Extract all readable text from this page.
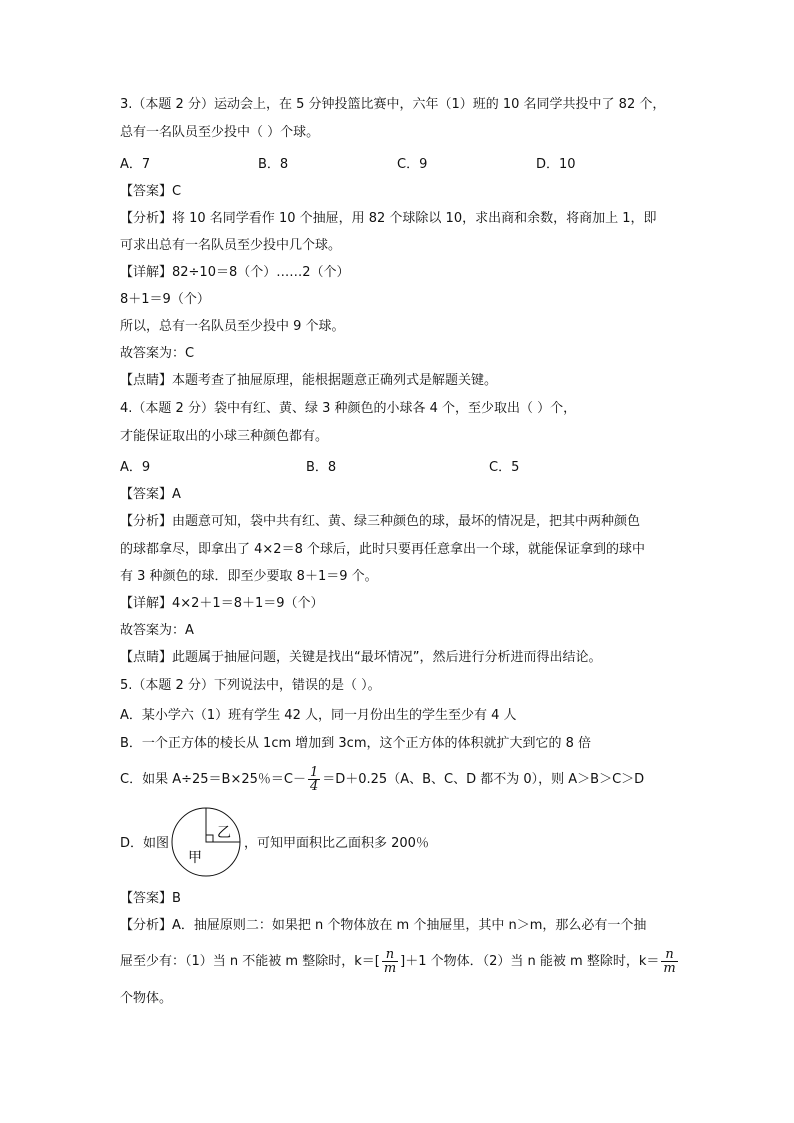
3.（本题 2 分）运动会上，在 5 分钟投篮比赛中，六年（1）班的 10 名同学共投中了 82 个，
总有一名队员至少投中（ ）个球。
A．7	B．8	C．9	D．10
【答案】C
【分析】将 10 名同学看作 10 个抽屉，用 82 个球除以 10，求出商和余数，将商加上 1，即
可求出总有一名队员至少投中几个球。
【详解】82÷10＝8（个）……2（个）
8＋1＝9（个）
所以，总有一名队员至少投中 9 个球。
故答案为：C
【点睛】本题考查了抽屉原理，能根据题意正确列式是解题关键。
4.（本题 2 分）袋中有红、黄、绿 3 种颜色的小球各 4 个，至少取出（ ）个，
才能保证取出的小球三种颜色都有。
A．9	B．8	C．5
【答案】A
【分析】由题意可知，袋中共有红、黄、绿三种颜色的球，最坏的情况是，把其中两种颜色
的球都拿尽，即拿出了 4×2＝8 个球后，此时只要再任意拿出一个球，就能保证拿到的球中
有 3 种颜色的球．即至少要取 8＋1＝9 个。
【详解】4×2＋1＝8＋1＝9（个）
故答案为：A
【点睛】此题属于抽屉问题，关键是找出“最坏情况”，然后进行分析进而得出结论。
5.（本题 2 分）下列说法中，错误的是（ ）。
A．某小学六（1）班有学生 42 人，同一月份出生的学生至少有 4 人
B．一个正方体的棱长从 1cm 增加到 3cm，这个正方体的体积就扩大到它的 8 倍
C．如果 A÷25＝B×25％$=C- \frac{1}{4} =D+0.25(A$、B、C、D 都不为 0），则 A＞B＞C＞D
D．如图
乙
甲
，可知甲面积比乙面积多 200％
【答案】B
【分析】A．抽屉原则二：如果把 n 个物体放在 m 个抽屉里，其中 n＞m，那么必有一个抽
屉至少有：（1）当 n 不能被 m 整除时，$k=[ \frac{n}{m} ]+1$ 个物体．（2）当 n 能被 m 整除时，$k= \frac{n}{m}$
个物体。
